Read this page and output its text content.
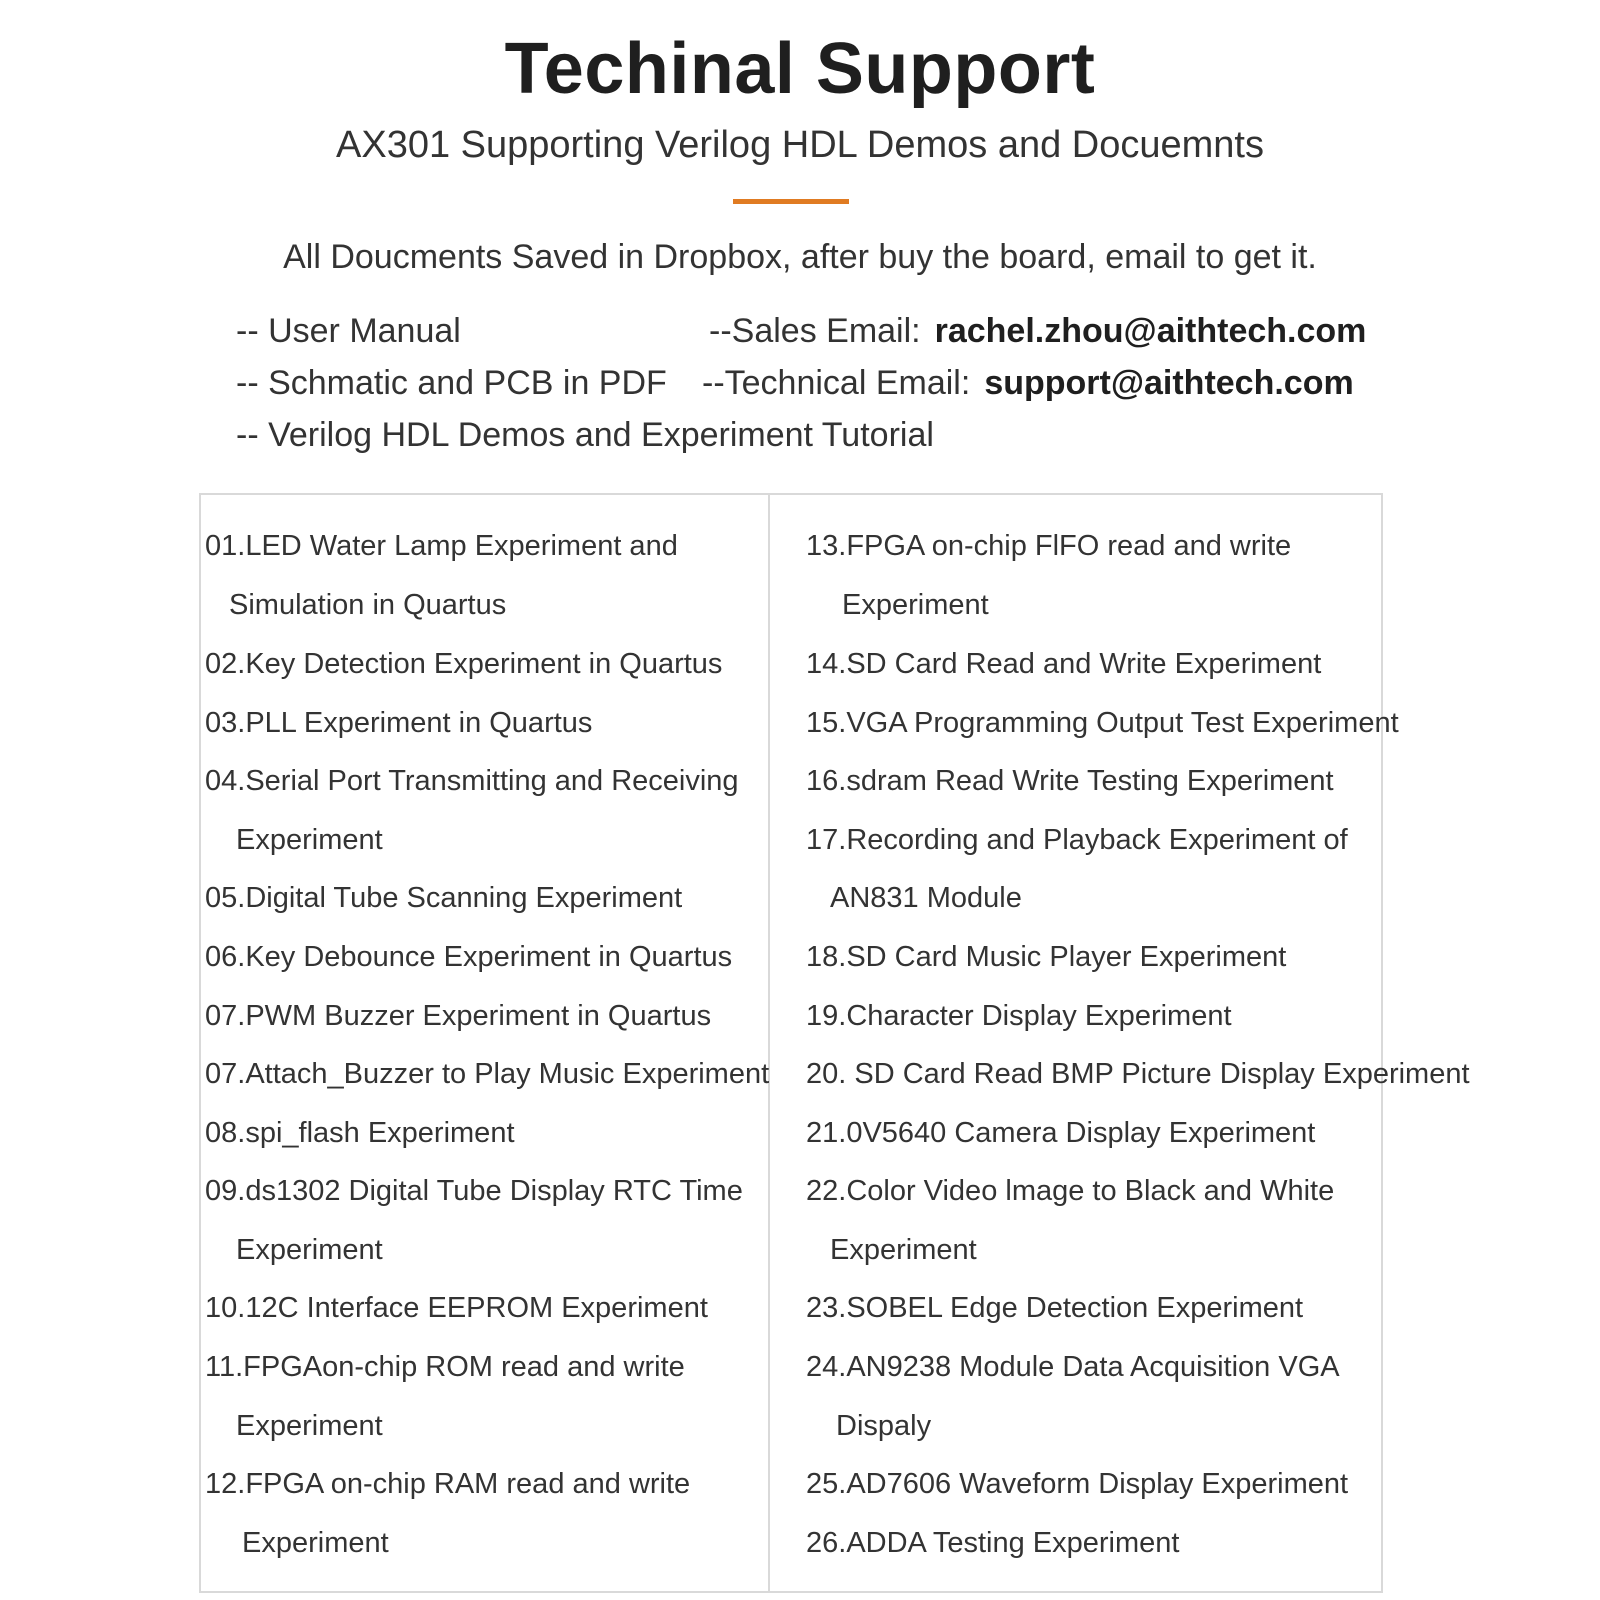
Techinal Support
AX301 Supporting Verilog HDL Demos and Docuemnts
All Doucments Saved in Dropbox, after buy the board, email to get it.
-- User Manual
-- Schmatic and PCB in PDF
-- Verilog HDL Demos and Experiment Tutorial
--Sales Email: rachel.zhou@aithtech.com
--Technical Email: support@aithtech.com
01.LED Water Lamp Experiment and
Simulation in Quartus
02.Key Detection Experiment in Quartus
03.PLL Experiment in Quartus
04.Serial Port Transmitting and Receiving
Experiment
05.Digital Tube Scanning Experiment
06.Key Debounce Experiment in Quartus
07.PWM Buzzer Experiment in Quartus
07.Attach_Buzzer to Play Music Experiment
08.spi_flash Experiment
09.ds1302 Digital Tube Display RTC Time
Experiment
10.12C Interface EEPROM Experiment
11.FPGAon-chip ROM read and write
Experiment
12.FPGA on-chip RAM read and write
Experiment
13.FPGA on-chip FlFO read and write
Experiment
14.SD Card Read and Write Experiment
15.VGA Programming Output Test Experiment
16.sdram Read Write Testing Experiment
17.Recording and Playback Experiment of
AN831 Module
18.SD Card Music Player Experiment
19.Character Display Experiment
20. SD Card Read BMP Picture Display Experiment
21.0V5640 Camera Display Experiment
22.Color Video lmage to Black and White
Experiment
23.SOBEL Edge Detection Experiment
24.AN9238 Module Data Acquisition VGA
Dispaly
25.AD7606 Waveform Display Experiment
26.ADDA Testing Experiment
